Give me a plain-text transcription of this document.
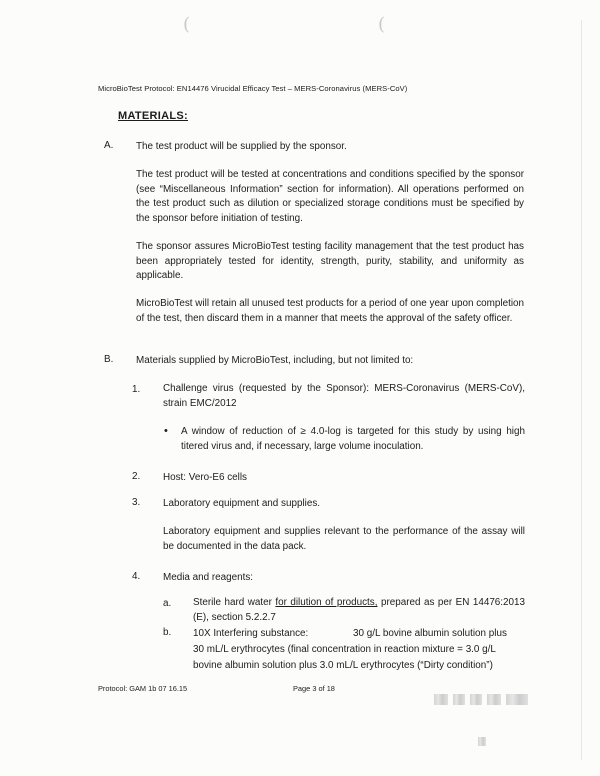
(	(
MicroBioTest Protocol: EN14476 Virucidal Efficacy Test – MERS-Coronavirus (MERS-CoV)
MATERIALS:
A. The test product will be supplied by the sponsor.
The test product will be tested at concentrations and conditions specified by the sponsor (see “Miscellaneous Information” section for information). All operations performed on the test product such as dilution or specialized storage conditions must be specified by the sponsor before initiation of testing.
The sponsor assures MicroBioTest testing facility management that the test product has been appropriately tested for identity, strength, purity, stability, and uniformity as applicable.
MicroBioTest will retain all unused test products for a period of one year upon completion of the test, then discard them in a manner that meets the approval of the safety officer.
B. Materials supplied by MicroBioTest, including, but not limited to:
1. Challenge virus (requested by the Sponsor): MERS-Coronavirus (MERS-CoV), strain EMC/2012
• A window of reduction of ≥ 4.0-log is targeted for this study by using high titered virus and, if necessary, large volume inoculation.
2. Host: Vero-E6 cells
3. Laboratory equipment and supplies.
Laboratory equipment and supplies relevant to the performance of the assay will be documented in the data pack.
4. Media and reagents:
a. Sterile hard water for dilution of products, prepared as per EN 14476:2013 (E), section 5.2.2.7
b. 10X Interfering substance:	30 g/L bovine albumin solution plus
30 mL/L erythrocytes (final concentration in reaction mixture = 3.0 g/L
bovine albumin solution plus 3.0 mL/L erythrocytes (“Dirty condition”)
Protocol: GAM 1b 07 16.15	Page 3 of 18
